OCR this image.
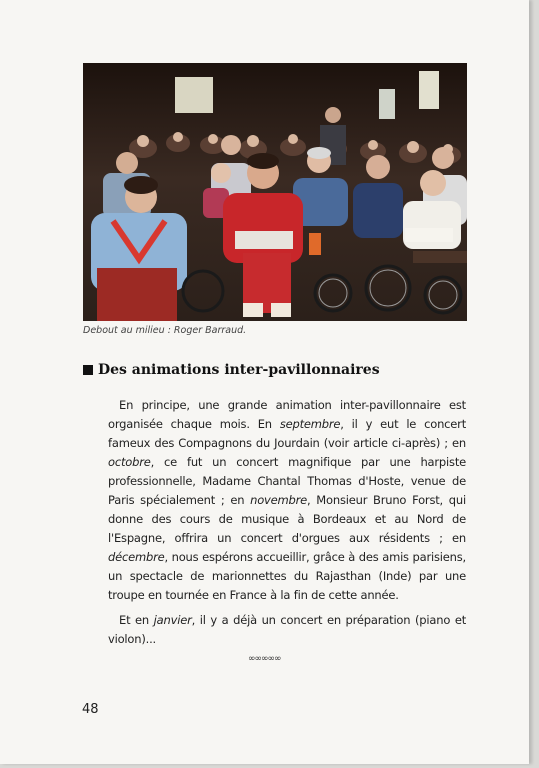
Debout au milieu : Roger Barraud.
Des animations inter-pavillonnaires

En principe, une grande animation inter-pavillonnaire est organisée chaque mois. En septembre, il y eut le concert fameux des Compagnons du Jourdain (voir article ci-après) ; en octobre, ce fut un concert magnifique par une harpiste professionnelle, Madame Chantal Thomas d'Hoste, venue de Paris spécialement ; en novembre, Monsieur Bruno Forst, qui donne des cours de musique à Bordeaux et au Nord de l'Espagne, offrira un concert d'orgues aux résidents ; en décembre, nous espérons accueillir, grâce à des amis parisiens, un spectacle de marionnettes du Rajasthan (Inde) par une troupe en tournée en France à la fin de cette année.

Et en janvier, il y a déjà un concert en préparation (piano et violon)...

∞∞∞∞∞
48
